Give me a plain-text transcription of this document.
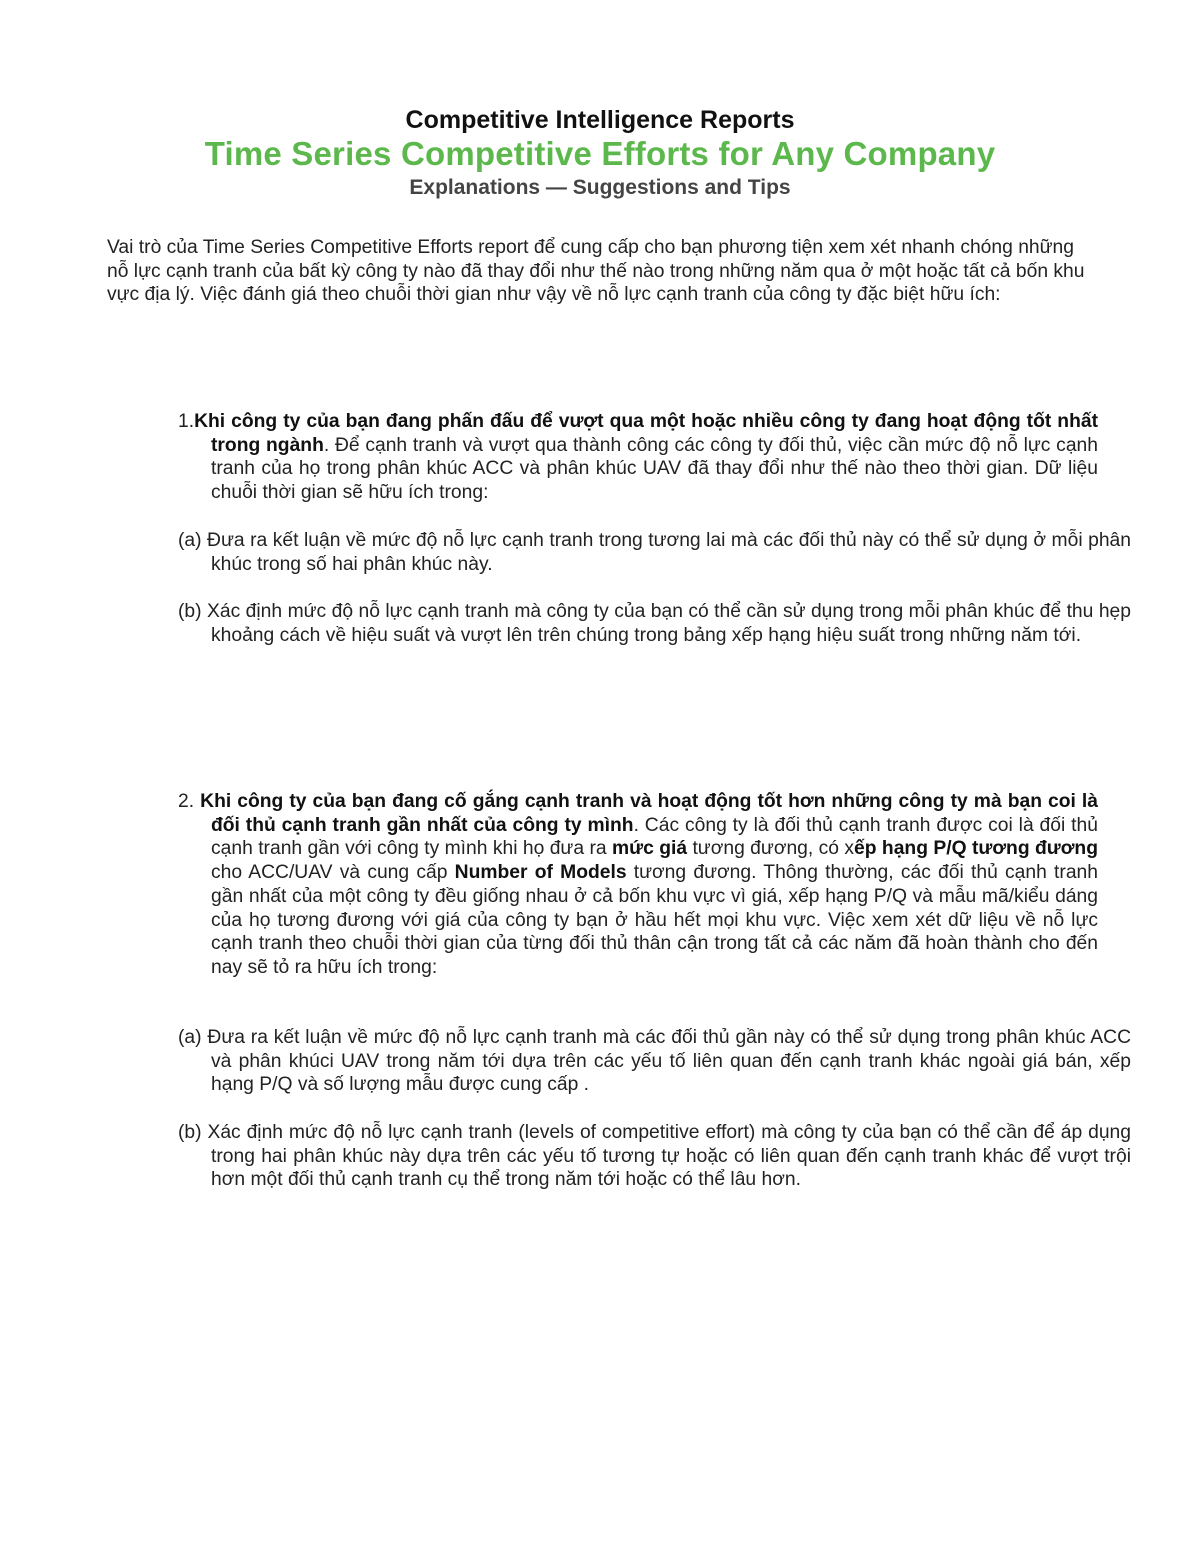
Competitive Intelligence Reports
Time Series Competitive Efforts for Any Company
Explanations — Suggestions and Tips
Vai trò của Time Series Competitive Efforts report để cung cấp cho bạn phương tiện xem xét nhanh chóng những nỗ lực cạnh tranh của bất kỳ công ty nào đã thay đổi như thế nào trong những năm qua ở một hoặc tất cả bốn khu vực địa lý. Việc đánh giá theo chuỗi thời gian như vậy về nỗ lực cạnh tranh của công ty đặc biệt hữu ích:
1.Khi công ty của bạn đang phấn đấu để vượt qua một hoặc nhiều công ty đang hoạt động tốt nhất trong ngành. Để cạnh tranh và vượt qua thành công các công ty đối thủ, việc cần mức độ nỗ lực cạnh tranh của họ trong phân khúc ACC và phân khúc UAV đã thay đổi như thế nào theo thời gian. Dữ liệu chuỗi thời gian sẽ hữu ích trong:
(a) Đưa ra kết luận về mức độ nỗ lực cạnh tranh trong tương lai mà các đối thủ này có thể sử dụng ở mỗi phân khúc trong số hai phân khúc này.
(b) Xác định mức độ nỗ lực cạnh tranh mà công ty của bạn có thể cần sử dụng trong mỗi phân khúc để thu hẹp khoảng cách về hiệu suất và vượt lên trên chúng trong bảng xếp hạng hiệu suất trong những năm tới.
2. Khi công ty của bạn đang cố gắng cạnh tranh và hoạt động tốt hơn những công ty mà bạn coi là đối thủ cạnh tranh gần nhất của công ty mình. Các công ty là đối thủ cạnh tranh được coi là đối thủ cạnh tranh gần với công ty mình khi họ đưa ra mức giá tương đương, có xếp hạng P/Q tương đương cho ACC/UAV và cung cấp Number of Models tương đương. Thông thường, các đối thủ cạnh tranh gần nhất của một công ty đều giống nhau ở cả bốn khu vực vì giá, xếp hạng P/Q và mẫu mã/kiểu dáng của họ tương đương với giá của công ty bạn ở hầu hết mọi khu vực. Việc xem xét dữ liệu về nỗ lực cạnh tranh theo chuỗi thời gian của từng đối thủ thân cận trong tất cả các năm đã hoàn thành cho đến nay sẽ tỏ ra hữu ích trong:
(a) Đưa ra kết luận về mức độ nỗ lực cạnh tranh mà các đối thủ gần này có thể sử dụng trong phân khúc ACC và phân khúci UAV trong năm tới dựa trên các yếu tố liên quan đến cạnh tranh khác ngoài giá bán, xếp hạng P/Q và số lượng mẫu được cung cấp .
(b) Xác định mức độ nỗ lực cạnh tranh (levels of competitive effort) mà công ty của bạn có thể cần để áp dụng trong hai phân khúc này dựa trên các yếu tố tương tự hoặc có liên quan đến cạnh tranh khác để vượt trội hơn một đối thủ cạnh tranh cụ thể trong năm tới hoặc có thể lâu hơn.
